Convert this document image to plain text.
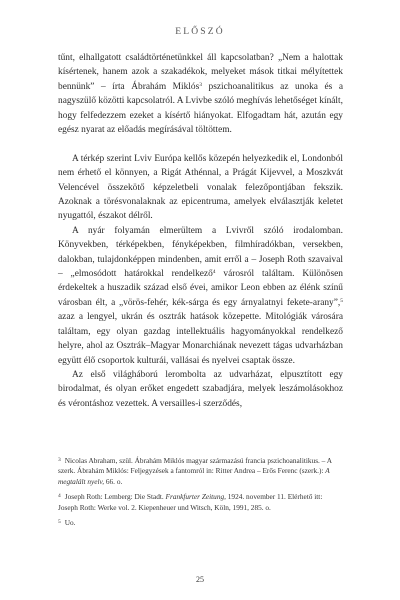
ELŐSZÓ

tűnt, elhallgatott családtörténetünkkel áll kapcsolatban? „Nem a halottak kísértenek, hanem azok a szakadékok, melyeket mások titkai mélyítettek bennünk” – írta Ábrahám Miklós$^3$ pszichoanalitikus az unoka és a nagyszülő közötti kapcsolatról. A Lvivbe szóló meghívás lehetőséget kínált, hogy felfedezzem ezeket a kísértő hiányokat. Elfogadtam hát, azután egy egész nyarat az előadás megírásával töltöttem.

A térkép szerint Lviv Európa kellős közepén helyezkedik el, Londonból nem érhető el könnyen, a Rigát Athénnal, a Prágát Kijevvel, a Moszkvát Velencével összekötő képzeletbeli vonalak felezőpontjában fekszik. Azoknak a törésvonalaknak az epicentruma, amelyek elválasztják keletet nyugattól, északot délről.

A nyár folyamán elmerültem a Lvivről szóló irodalomban. Könyvekben, térképekben, fényképekben, filmhíradókban, versekben, dalokban, tulajdonképpen mindenben, amit erről a – Joseph Roth szavaival – „elmosódott határokkal rendelkező$^4$ városról találtam. Különösen érdekeltek a huszadik század első évei, amikor Leon ebben az élénk színű városban élt, a „vörös-fehér, kék-sárga és egy árnyalatnyi fekete-arany”,$^5$ azaz a lengyel, ukrán és osztrák hatások közepette. Mitológiák városára találtam, egy olyan gazdag intellektuális hagyományokkal rendelkező helyre, ahol az Osztrák–Magyar Monarchiának nevezett tágas udvarházban együtt élő csoportok kulturái, vallásai és nyelvei csaptak össze.

Az első világháború lerombolta az udvarházat, elpusztított egy birodalmat, és olyan erőket engedett szabadjára, melyek leszámolásokhoz és vérontáshoz vezettek. A versailles-i szerződés,

$^3$ Nicolas Abraham, szül. Ábrahám Miklós magyar származású francia pszichoanalitikus. – A szerk. Ábrahám Miklós: Feljegyzések a fantomról in: Ritter Andrea – Erős Ferenc (szerk.): A megtalált nyelv, 66. o.

$^4$ Joseph Roth: Lemberg: Die Stadt. Frankfurter Zeitung, 1924. november 11. Elérhető itt: Joseph Roth: Werke vol. 2. Kiepenheuer und Witsch, Köln, 1991, 285. o.

$^5$ Uo.

25
